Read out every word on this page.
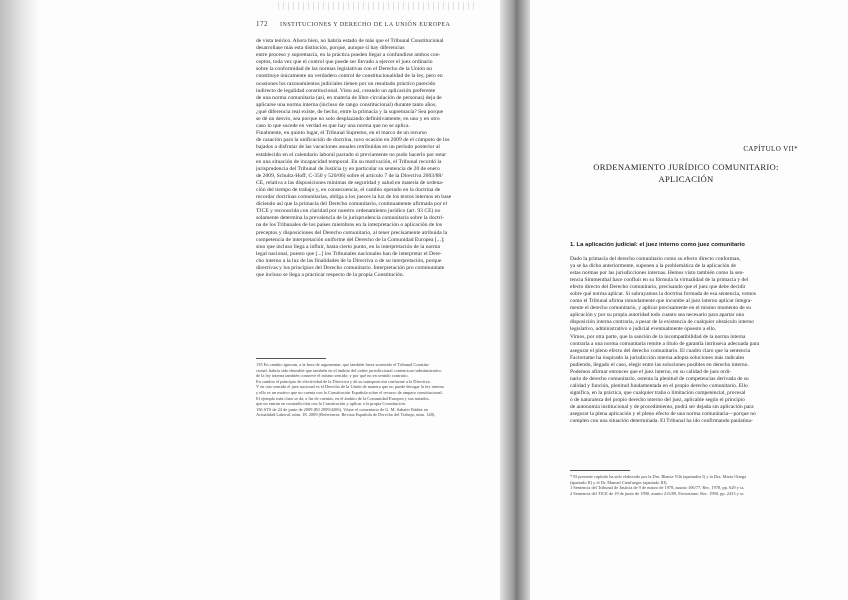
172 INSTITUCIONES Y DERECHO DE LA UNIÓN EUROPEA
de vista teórico. Ahora bien, no habría estado de más que el Tribunal Constitucional
desarrollase más esta distinción, porque, aunque sí hay diferencias
entre proceso y supremacía, en la práctica pueden llegar a confundirse ambos con-
ceptos, toda vez que el control que puede ser llevado a ejercer el juez ordinario
sobre la conformidad de las normas legislativas con el Derecho de la Unión no
constituye únicamente un verdadero control de constitucionalidad de la ley, pero en
ocasiones los razonamientos judiciales tienen por un resultado práctico parecido
indirecto de legalidad constitucional. Visto así, creando un aplicación preferente
de una norma comunitaria (así, en materia de libre circulación de personas) deja de
aplicarse una norma interna (incluso de rango constitucional) durante tanto años,
¿qué diferencia real existe, de hecho, entre la primacía y la supremacía? Sea porque
se dé un desvío, sea porque no solo desplazando definitivamente, en uno y en otro
caso lo que sucede en verdad es que hay una norma que no se aplica.
Finalmente, en quinto lugar, el Tribunal Supremo, en el marco de un recurso
de casación para la unificación de doctrina, tuvo ocasión en 2009 de el cómputo de los
bajados a disfrutar de las vacaciones anuales retribuidas en un período posterior al
establecido en el calendario laboral pactado si previamente no pudo hacerlo por estar
en una situación de incapacidad temporal. En su motivación, el Tribunal recordó la
jurisprudencia del Tribunal de Justicia (y en particular su sentencia de 20 de enero
de 2009, Schultz-Hoff, C-350 y 520/06) sobre el artículo 7 de la Directiva 2003/88/
CE, relativa a las disposiciones mínimas de seguridad y salud en materia de ordena-
ción del tiempo de trabajo y, en consecuencia, el cambio operado en la doctrina de
recordar doctrinas comunitarias, obliga a los jueces la luz de los textos internos en base
diciendo así que la primacía del Derecho comunitario, continuamente afirmada por el
TJCE y reconocida con claridad por nuestro ordenamiento jurídico (art. 93 CE) no
solamente determina la prevalencia de la jurisprudencia comunitaria sobre la doctri-
na de los Tribunales de los países miembros en la interpretación o aplicación de los
preceptos y disposiciones del Derecho comunitario, al tener precisamente atribuida la
competencia de interpretación uniforme del Derecho de la Comunidad Europea [...];
sino que incluso llega a influir, hasta cierto punto, en la interpretación de la norma
legal nacional, puesto que [...] los Tribunales nacionales han de interpretar el Dere-
cho interno a la luz de las finalidades de la Directiva o de su interpretación, porque
directivas y los principios del Derecho comunitario. Interpretación pro communitate
que incluso se llega a practicar respecto de la propia Constitución.
155 En cambio ignoran, a la hora de argumentar, que también fuera sostenido el Tribunal Constitu-
cional, habría sido deseable que también en el ámbito del orden jurisdiccional contencioso-administrativo
de la ley interna también conserve el mismo sentido; y por qué no en sentido contrario.
En cambio el principio de efectividad de la Directiva y de su transposición conforme a la Directiva.
Y en otro sentido el juez nacional es el Derecho de la Unión de manera que no puede derogar la ley interna
y ello es un motivo que no cuenta con la Constitución Española sobre el recurso de amparo constitucional.
El ejemplo más claro se da, a fin de cuentas, en el ámbito de la Comunidad Europea y sus tratados.
que no entran en contradicción con la Constitución y aplicar a la propia Constitución.
156 STS de 24 de junio de 2009 (RJ 2009/4206). Véase el comentario de G. M. Sabater Ibáñez en
Actualidad Laboral, núm. 18, 2009 (Referencia: Revista Española de Derecho del Trabajo, núm. 148).
CAPÍTULO VII*
ORDENAMIENTO JURÍDICO COMUNITARIO:
APLICACIÓN
1. La aplicación judicial: el juez interno como juez comunitario
Dado la primacía del derecho comunitario como su efecto directo conforman,
ya se ha dicho anteriormente, suponen a la problemática de la aplicación de
estas normas por las jurisdicciones internas. Hemos visto también como la sen-
tencia Simmenthal hace confluir en su fórmula la virtualidad de la primacía y del
efecto directo del Derecho comunitario, precisando que el juez que debe decidir
sobre qué norma aplicar. Si subrayamos la doctrina formada de esa sentencia, vemos
como el Tribunal afirma rotundamente que incumbe al juez interno aplicar íntegra-
mente el derecho comunitario, y aplicar precisamente en el mismo momento de su
aplicación y por su propia autoridad todo cuanto sea necesario para apartar una
disposición interna contraria, a pesar de la existencia de cualquier obstáculo interno
legislativo, administrativo o judicial eventualmente opuesto a ello.
Vimos, por otra parte, que la sanción de la incompatibilidad de la norma interna
contraria a una norma comunitaria remite a título de garantía intrínseca adecuada para
asegurar el pleno efecto del derecho comunitario. El cuadro claro que la sentencia
Factortame ha inspirado la jurisdicción interna adopta soluciones más radicales
pudiendo, llegado el caso, elegir entre las soluciones posibles en derecho interno.
Podemos afirmar entonces que el juez interno, en su calidad de juez ordi-
nario de derecho comunitario, ostenta la plenitud de competencias derivada de su
calidad y función, plenitud fundamentada en el propio derecho comunitario. Ello
significa, en la práctica, que cualquier traba o limitación competencial, procesal
o de naturaleza del propio derecho interno del juez, aplicable según el principio
de autonomía institucional y de procedimiento, podrá ser dejada sin aplicación para
asegurar la plena aplicación y el pleno efecto de una norma comunitaria—porque no
cumplen con una situación determinada. El Tribunal ha ido confirmando paulatina-
* El presente capítulo ha sido elaborado por la Dra. Blanca Vilà (apartados I) y la Dra. María Ortega
(apartado II) y el Dr. Manuel Cienfuegos (apartado III).
1 Sentencia del Tribunal de Justicia de 9 de marzo de 1978, asunto 106/77, Rec. 1978, pp. 629 y ss.
2 Sentencia del TJCE de 19 de junio de 1990, asunto 213/89, Factortame, Rec. 1990, pp. 2433 y ss.
